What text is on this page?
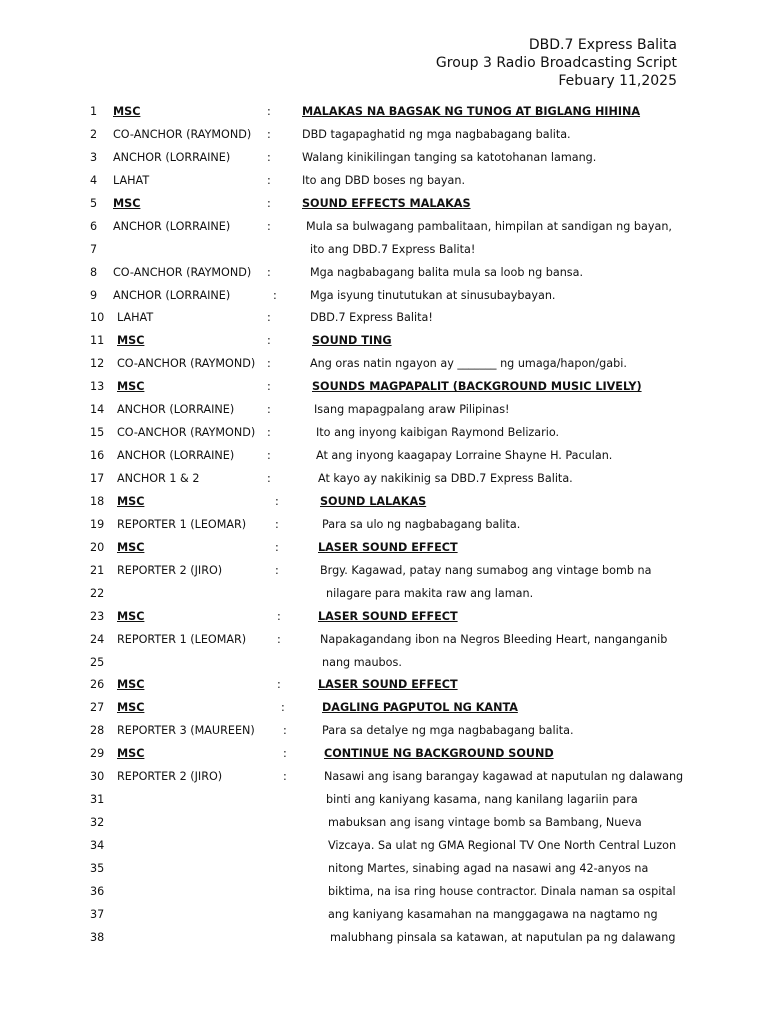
DBD.7 Express Balita
Group 3 Radio Broadcasting Script
Febuary 11,2025
1 MSC	:	MALAKAS NA BAGSAK NG TUNOG AT BIGLANG HIHINA
2 CO-ANCHOR (RAYMOND) :	DBD tagapaghatid ng mga nagbabagang balita.
3 ANCHOR (LORRAINE)	:	Walang kinikilingan tanging sa katotohanan lamang.
4 LAHAT	:	Ito ang DBD boses ng bayan.
5 MSC	:	SOUND EFFECTS MALAKAS
6 ANCHOR (LORRAINE)	:	Mula sa bulwagang pambalitaan, himpilan at sandigan ng bayan,
7	ito ang DBD.7 Express Balita!
8 CO-ANCHOR (RAYMOND) :	Mga nagbabagang balita mula sa loob ng bansa.
9 ANCHOR (LORRAINE)	:	Mga isyung tinututukan at sinusubaybayan.
10 LAHAT	:	DBD.7 Express Balita!
11 MSC	:	SOUND TING
12 CO-ANCHOR (RAYMOND) :	Ang oras natin ngayon ay _______ ng umaga/hapon/gabi.
13 MSC	:	SOUNDS MAGPAPALIT (BACKGROUND MUSIC LIVELY)
14 ANCHOR (LORRAINE)	:	Isang mapagpalang araw Pilipinas!
15 CO-ANCHOR (RAYMOND) :	Ito ang inyong kaibigan Raymond Belizario.
16 ANCHOR (LORRAINE)	:	At ang inyong kaagapay Lorraine Shayne H. Paculan.
17 ANCHOR 1 & 2	:	At kayo ay nakikinig sa DBD.7 Express Balita.
18 MSC	:	SOUND LALAKAS
19 REPORTER 1 (LEOMAR)	:	Para sa ulo ng nagbabagang balita.
20 MSC	:	LASER SOUND EFFECT
21 REPORTER 2 (JIRO)	:	Brgy. Kagawad, patay nang sumabog ang vintage bomb na
22	nilagare para makita raw ang laman.
23 MSC	:	LASER SOUND EFFECT
24 REPORTER 1 (LEOMAR)	:	Napakagandang ibon na Negros Bleeding Heart, nanganganib
25	nang maubos.
26 MSC	:	LASER SOUND EFFECT
27 MSC	:	DAGLING PAGPUTOL NG KANTA
28 REPORTER 3 (MAUREEN)	:	Para sa detalye ng mga nagbabagang balita.
29 MSC	:	CONTINUE NG BACKGROUND SOUND
30 REPORTER 2 (JIRO)	:	Nasawi ang isang barangay kagawad at naputulan ng dalawang
31	binti ang kaniyang kasama, nang kanilang lagariin para
32	mabuksan ang isang vintage bomb sa Bambang, Nueva
34	Vizcaya. Sa ulat ng GMA Regional TV One North Central Luzon
35	nitong Martes, sinabing agad na nasawi ang 42-anyos na
36	biktima, na isa ring house contractor. Dinala naman sa ospital
37	ang kaniyang kasamahan na manggagawa na nagtamo ng
38	malubhang pinsala sa katawan, at naputulan pa ng dalawang
